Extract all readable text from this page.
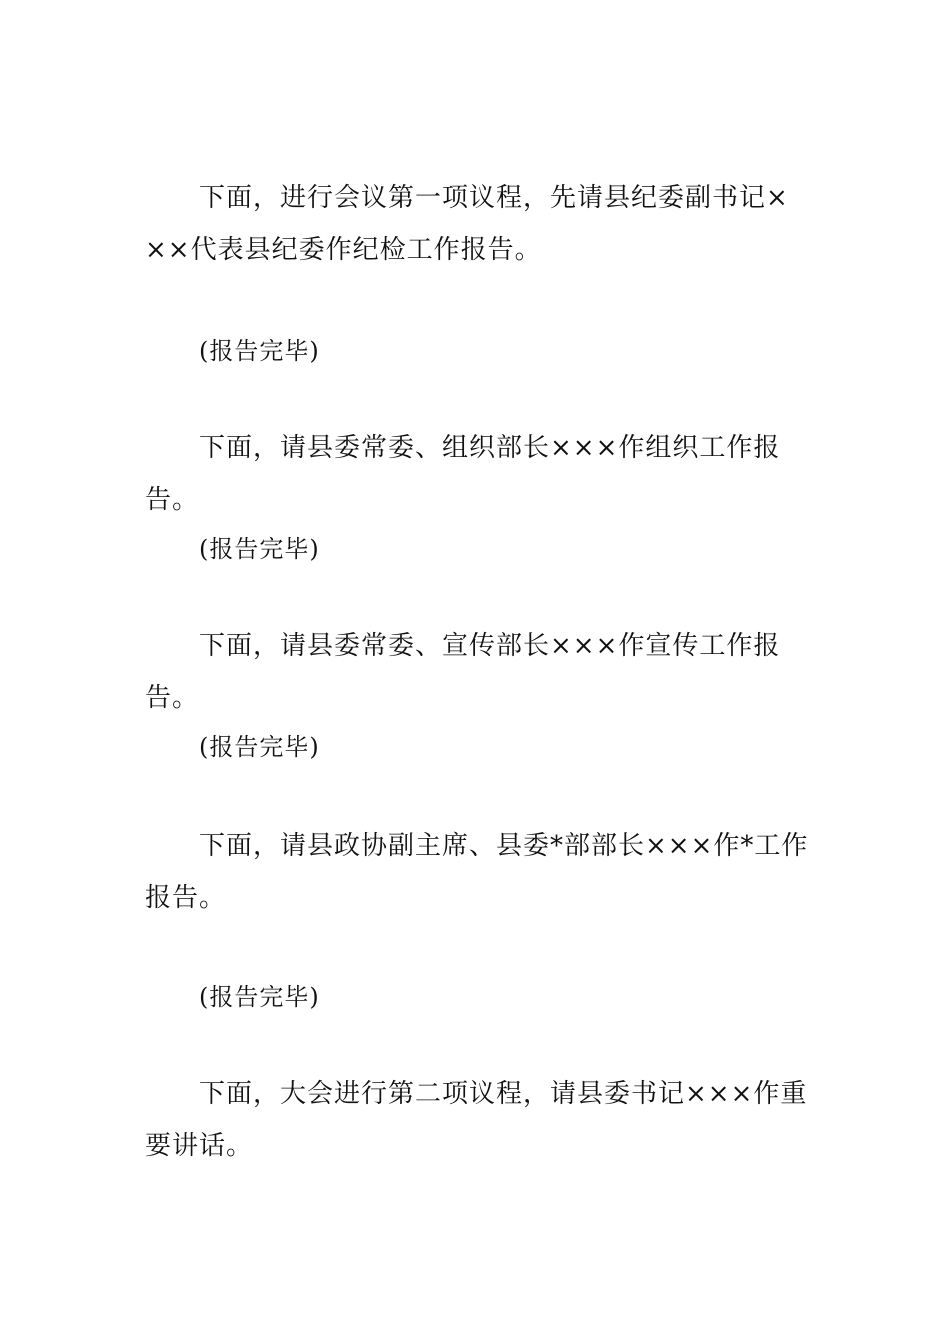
下面，进行会议第一项议程，先请县纪委副书记×××代表县纪委作纪检工作报告。

(报告完毕)

下面，请县委常委、组织部长×××作组织工作报告。

(报告完毕)

下面，请县委常委、宣传部长×××作宣传工作报告。

(报告完毕)

下面，请县政协副主席、县委*部部长×××作*工作报告。

(报告完毕)

下面，大会进行第二项议程，请县委书记×××作重要讲话。
